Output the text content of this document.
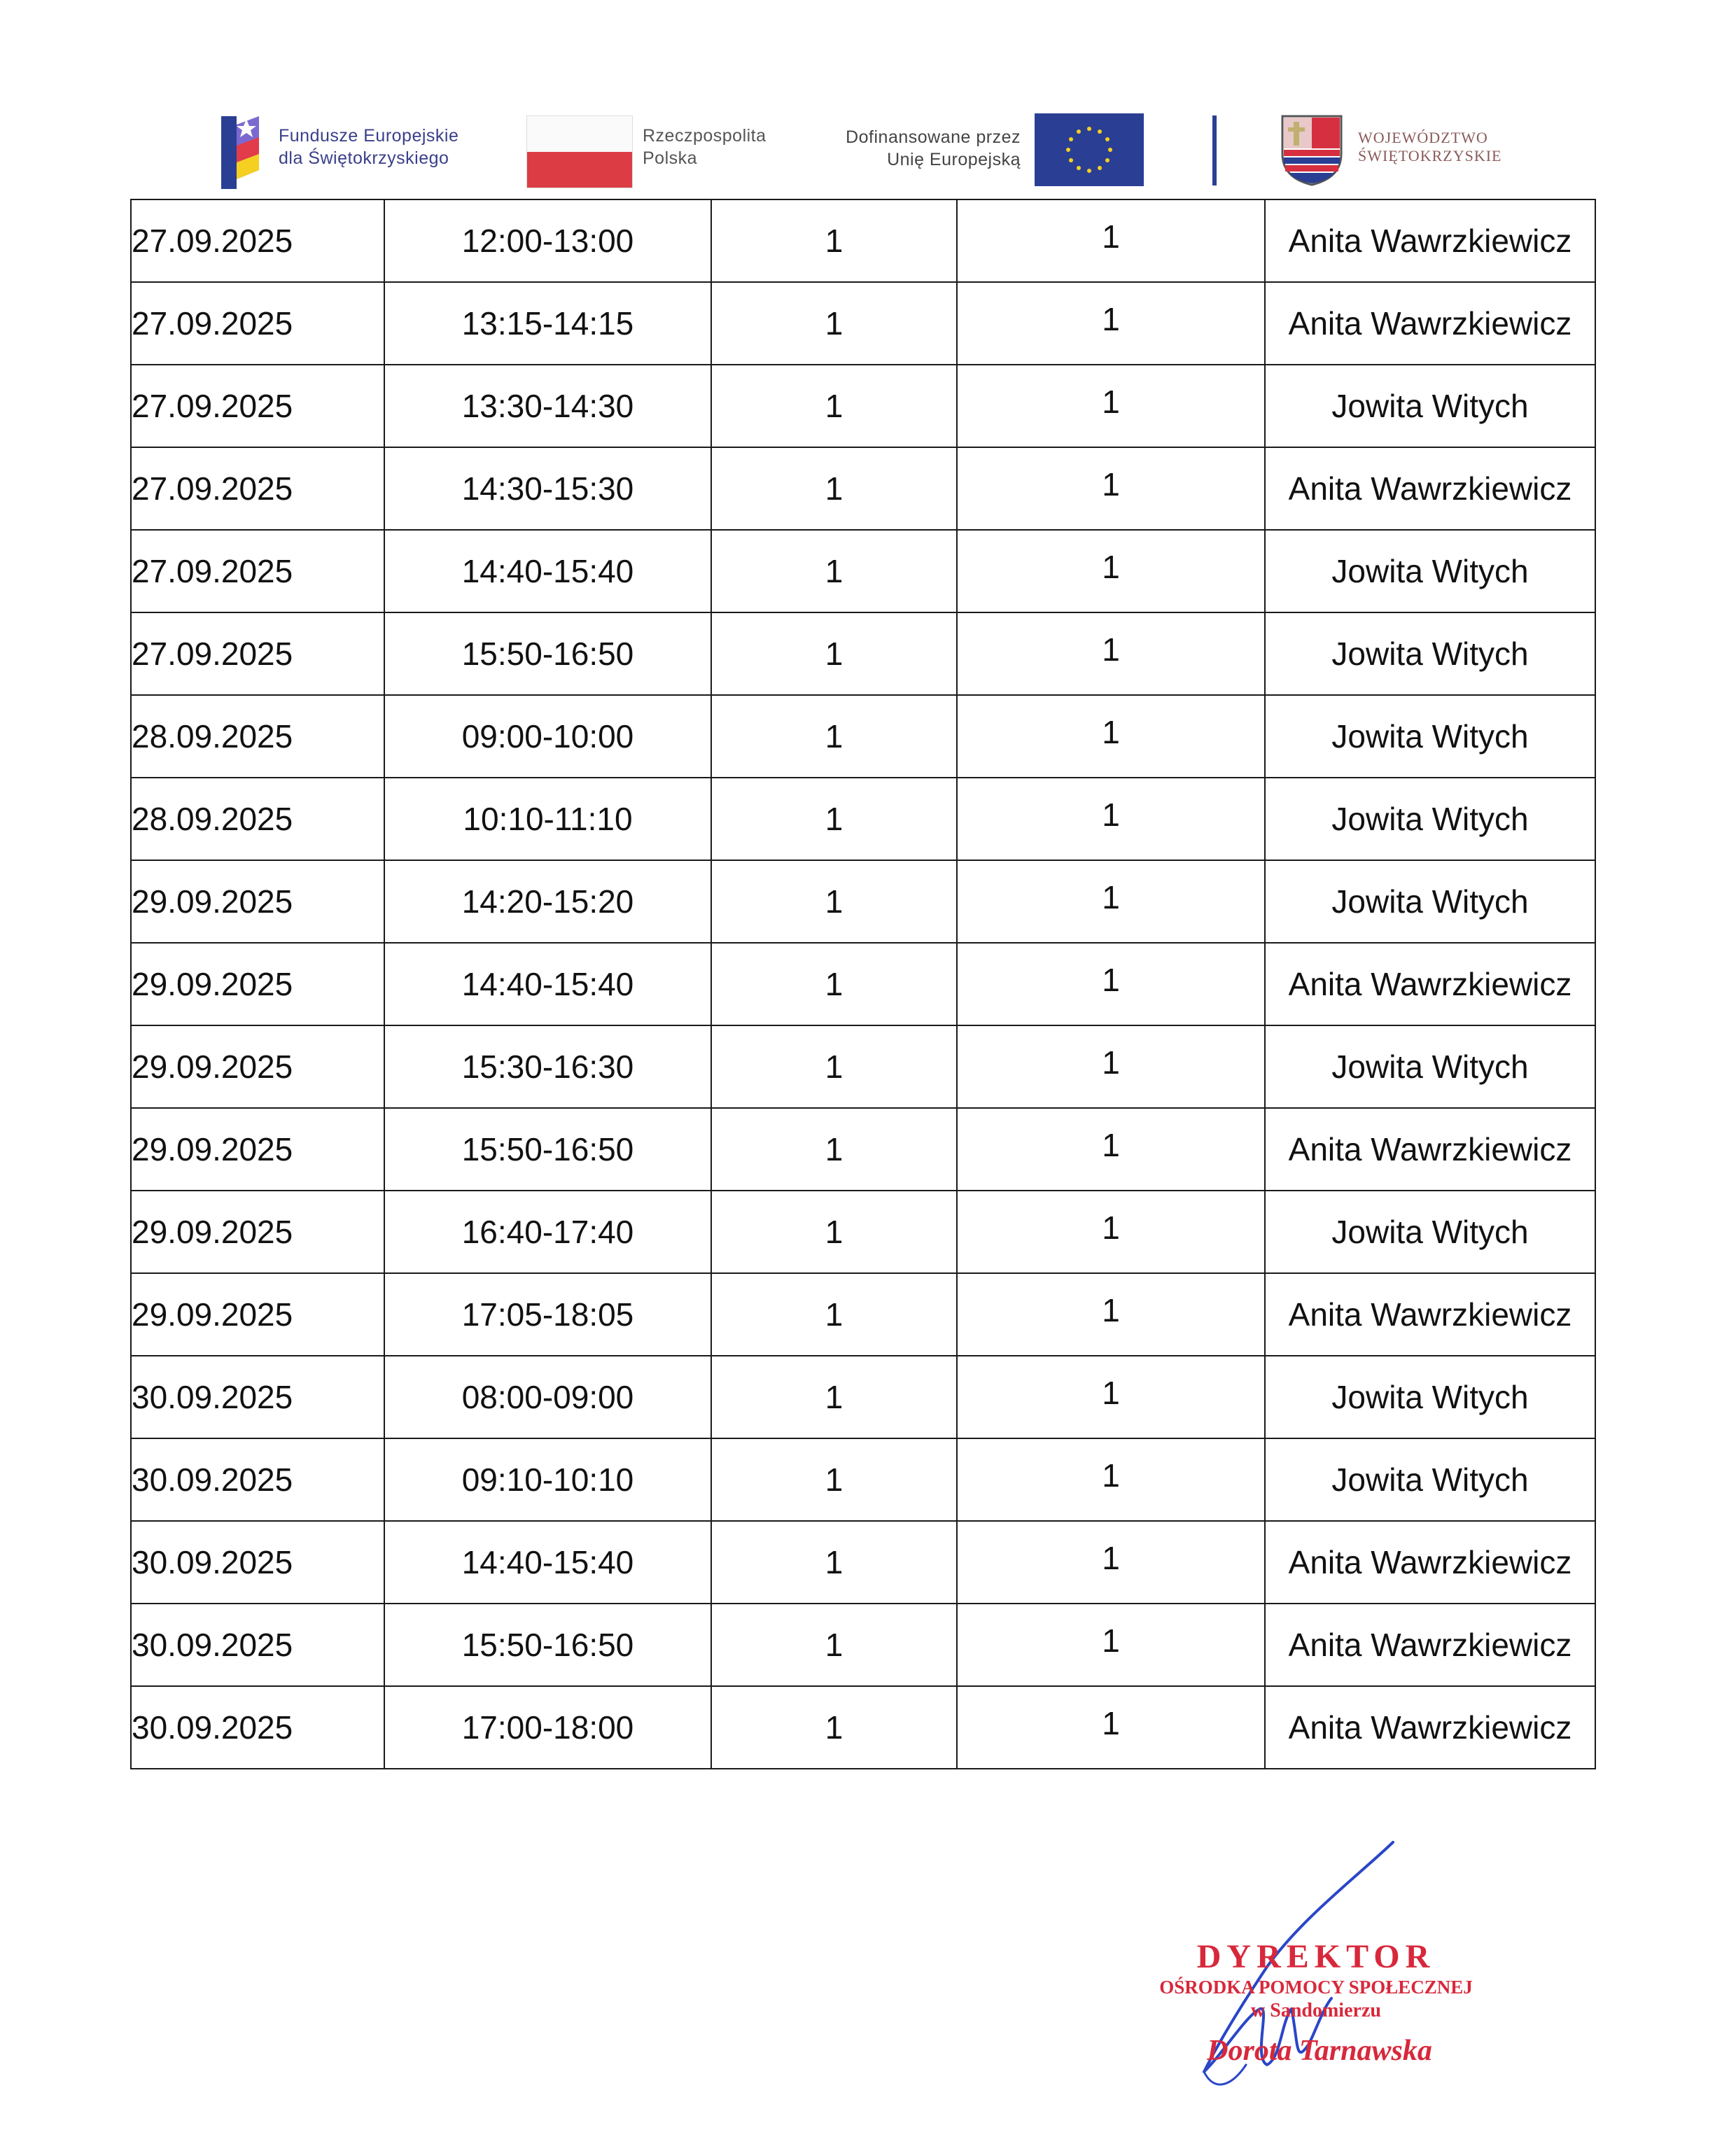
Fundusze Europejskie
dla Świętokrzyskiego
Rzeczpospolita
Polska
Dofinansowane przez
Unię Europejską
WOJEWÓDZTWO
ŚWIĘTOKRZYSKIE
27.09.2025	12:00-13:00	1	1	Anita Wawrzkiewicz
27.09.2025	13:15-14:15	1	1	Anita Wawrzkiewicz
27.09.2025	13:30-14:30	1	1	Jowita Witych
27.09.2025	14:30-15:30	1	1	Anita Wawrzkiewicz
27.09.2025	14:40-15:40	1	1	Jowita Witych
27.09.2025	15:50-16:50	1	1	Jowita Witych
28.09.2025	09:00-10:00	1	1	Jowita Witych
28.09.2025	10:10-11:10	1	1	Jowita Witych
29.09.2025	14:20-15:20	1	1	Jowita Witych
29.09.2025	14:40-15:40	1	1	Anita Wawrzkiewicz
29.09.2025	15:30-16:30	1	1	Jowita Witych
29.09.2025	15:50-16:50	1	1	Anita Wawrzkiewicz
29.09.2025	16:40-17:40	1	1	Jowita Witych
29.09.2025	17:05-18:05	1	1	Anita Wawrzkiewicz
30.09.2025	08:00-09:00	1	1	Jowita Witych
30.09.2025	09:10-10:10	1	1	Jowita Witych
30.09.2025	14:40-15:40	1	1	Anita Wawrzkiewicz
30.09.2025	15:50-16:50	1	1	Anita Wawrzkiewicz
30.09.2025	17:00-18:00	1	1	Anita Wawrzkiewicz
DYREKTOR
OŚRODKA POMOCY SPOŁECZNEJ
w Sandomierzu
Dorota Tarnawska
